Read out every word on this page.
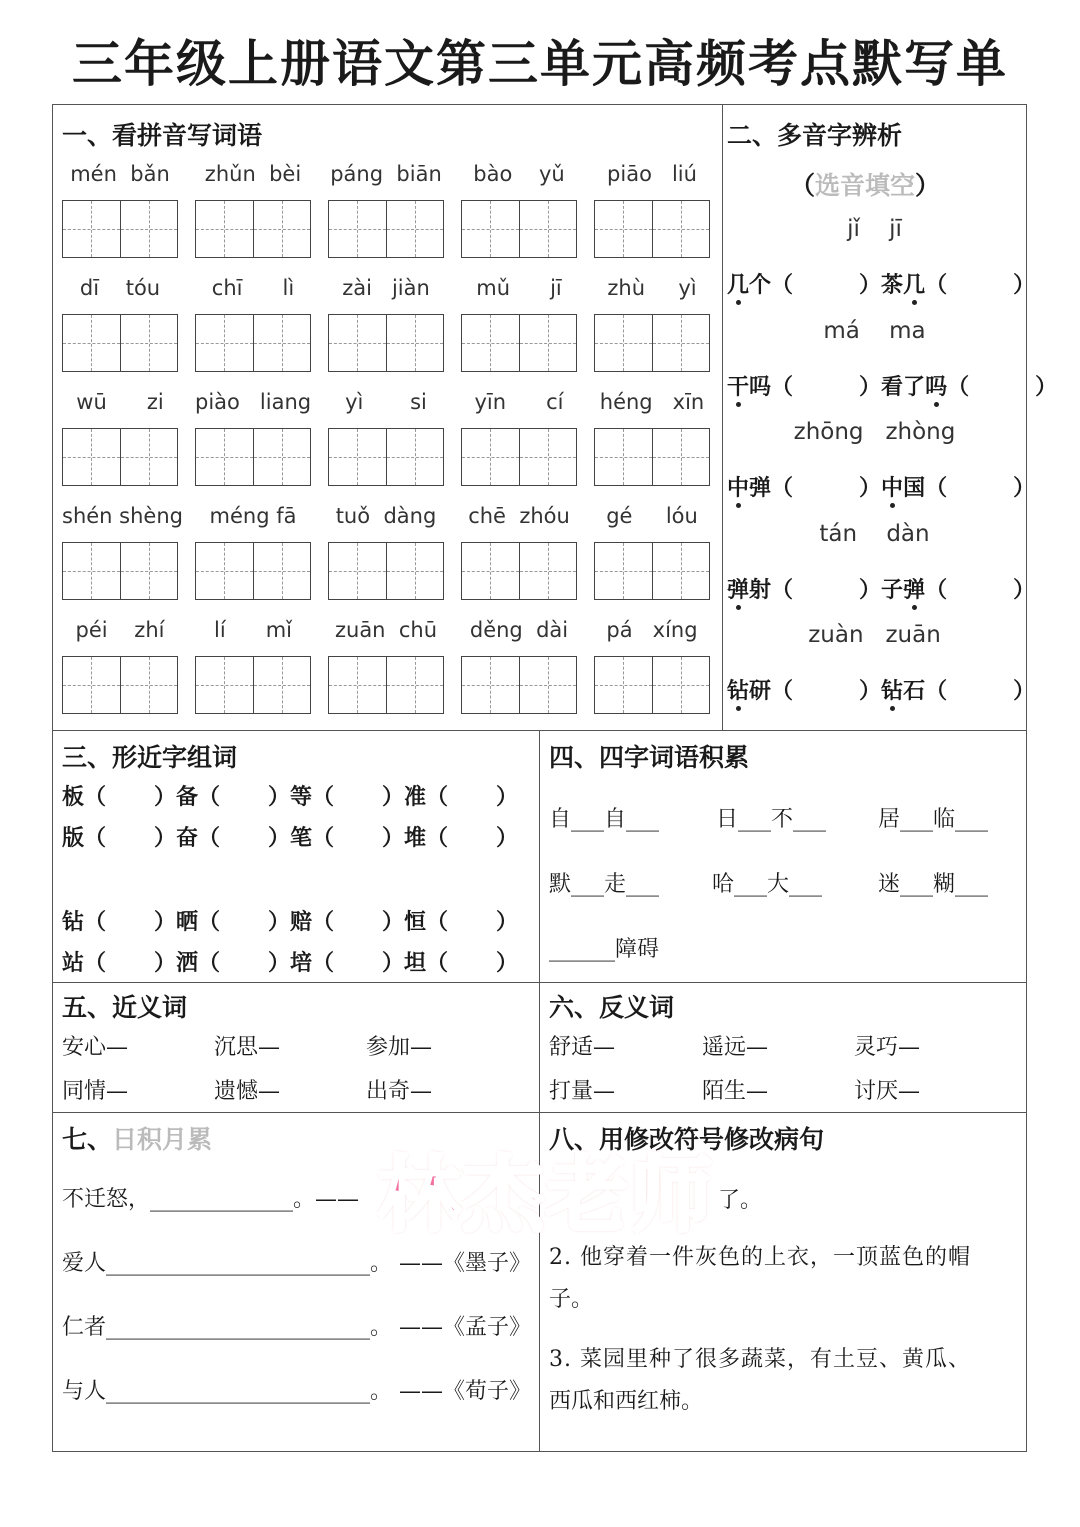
三年级上册语文第三单元高频考点默写单
一、看拼音写词语
mén  bǎn	zhǔn  bèi	páng  biān	bào    yǔ	piāo   liú
dī    tóu	chī      lì	zài   jiàn	mǔ      jī	zhù     yì
wū      zi	piào   liang	yì       si	yīn      cí	héng   xīn
shén shèng	méng fā	tuǒ  dàng	chē  zhóu	gé     lóu
péi    zhí	lí      mǐ	zuān  chū	děng  dài	pá   xíng
二、多音字辨析
（选音填空）
jǐ    jī
几个（	）茶几（	）
má    ma
干吗（	）看了吗（	）
zhōng   zhòng
中弹（	）中国（	）
tán    dàn
弹射（	）子弹（	）
zuàn   zuān
钻研（	）钻石（	）
三、形近字组词
板（ ）备（ ）等（ ）准（ ）
版（ ）奋（ ）笔（ ）堆（ ）
钻（ ）晒（ ）赔（ ）恒（ ）
站（ ）洒（ ）培（ ）坦（ ）
四、四字词语积累
自___自___	日___不___ 居___临___
默___走___ 哈___大___	迷___糊___
______障碍
五、近义词
安心—	沉思—	参加—
同情—	遗憾—	出奇—
六、反义词
舒适—	遥远—	灵巧—
打量—	陌生—	讨厌—
七、日积月累
不迁怒，_____________。——
爱人________________________。 ——《墨子》
仁者________________________。 ——《孟子》
与人________________________。 ——《荀子》
八、用修改符号修改病句
了。
2. 他穿着一件灰色的上衣，一顶蓝色的帽
子。
3. 菜园里种了很多蔬菜，有土豆、黄瓜、
西瓜和西红柿。
林杰老师
